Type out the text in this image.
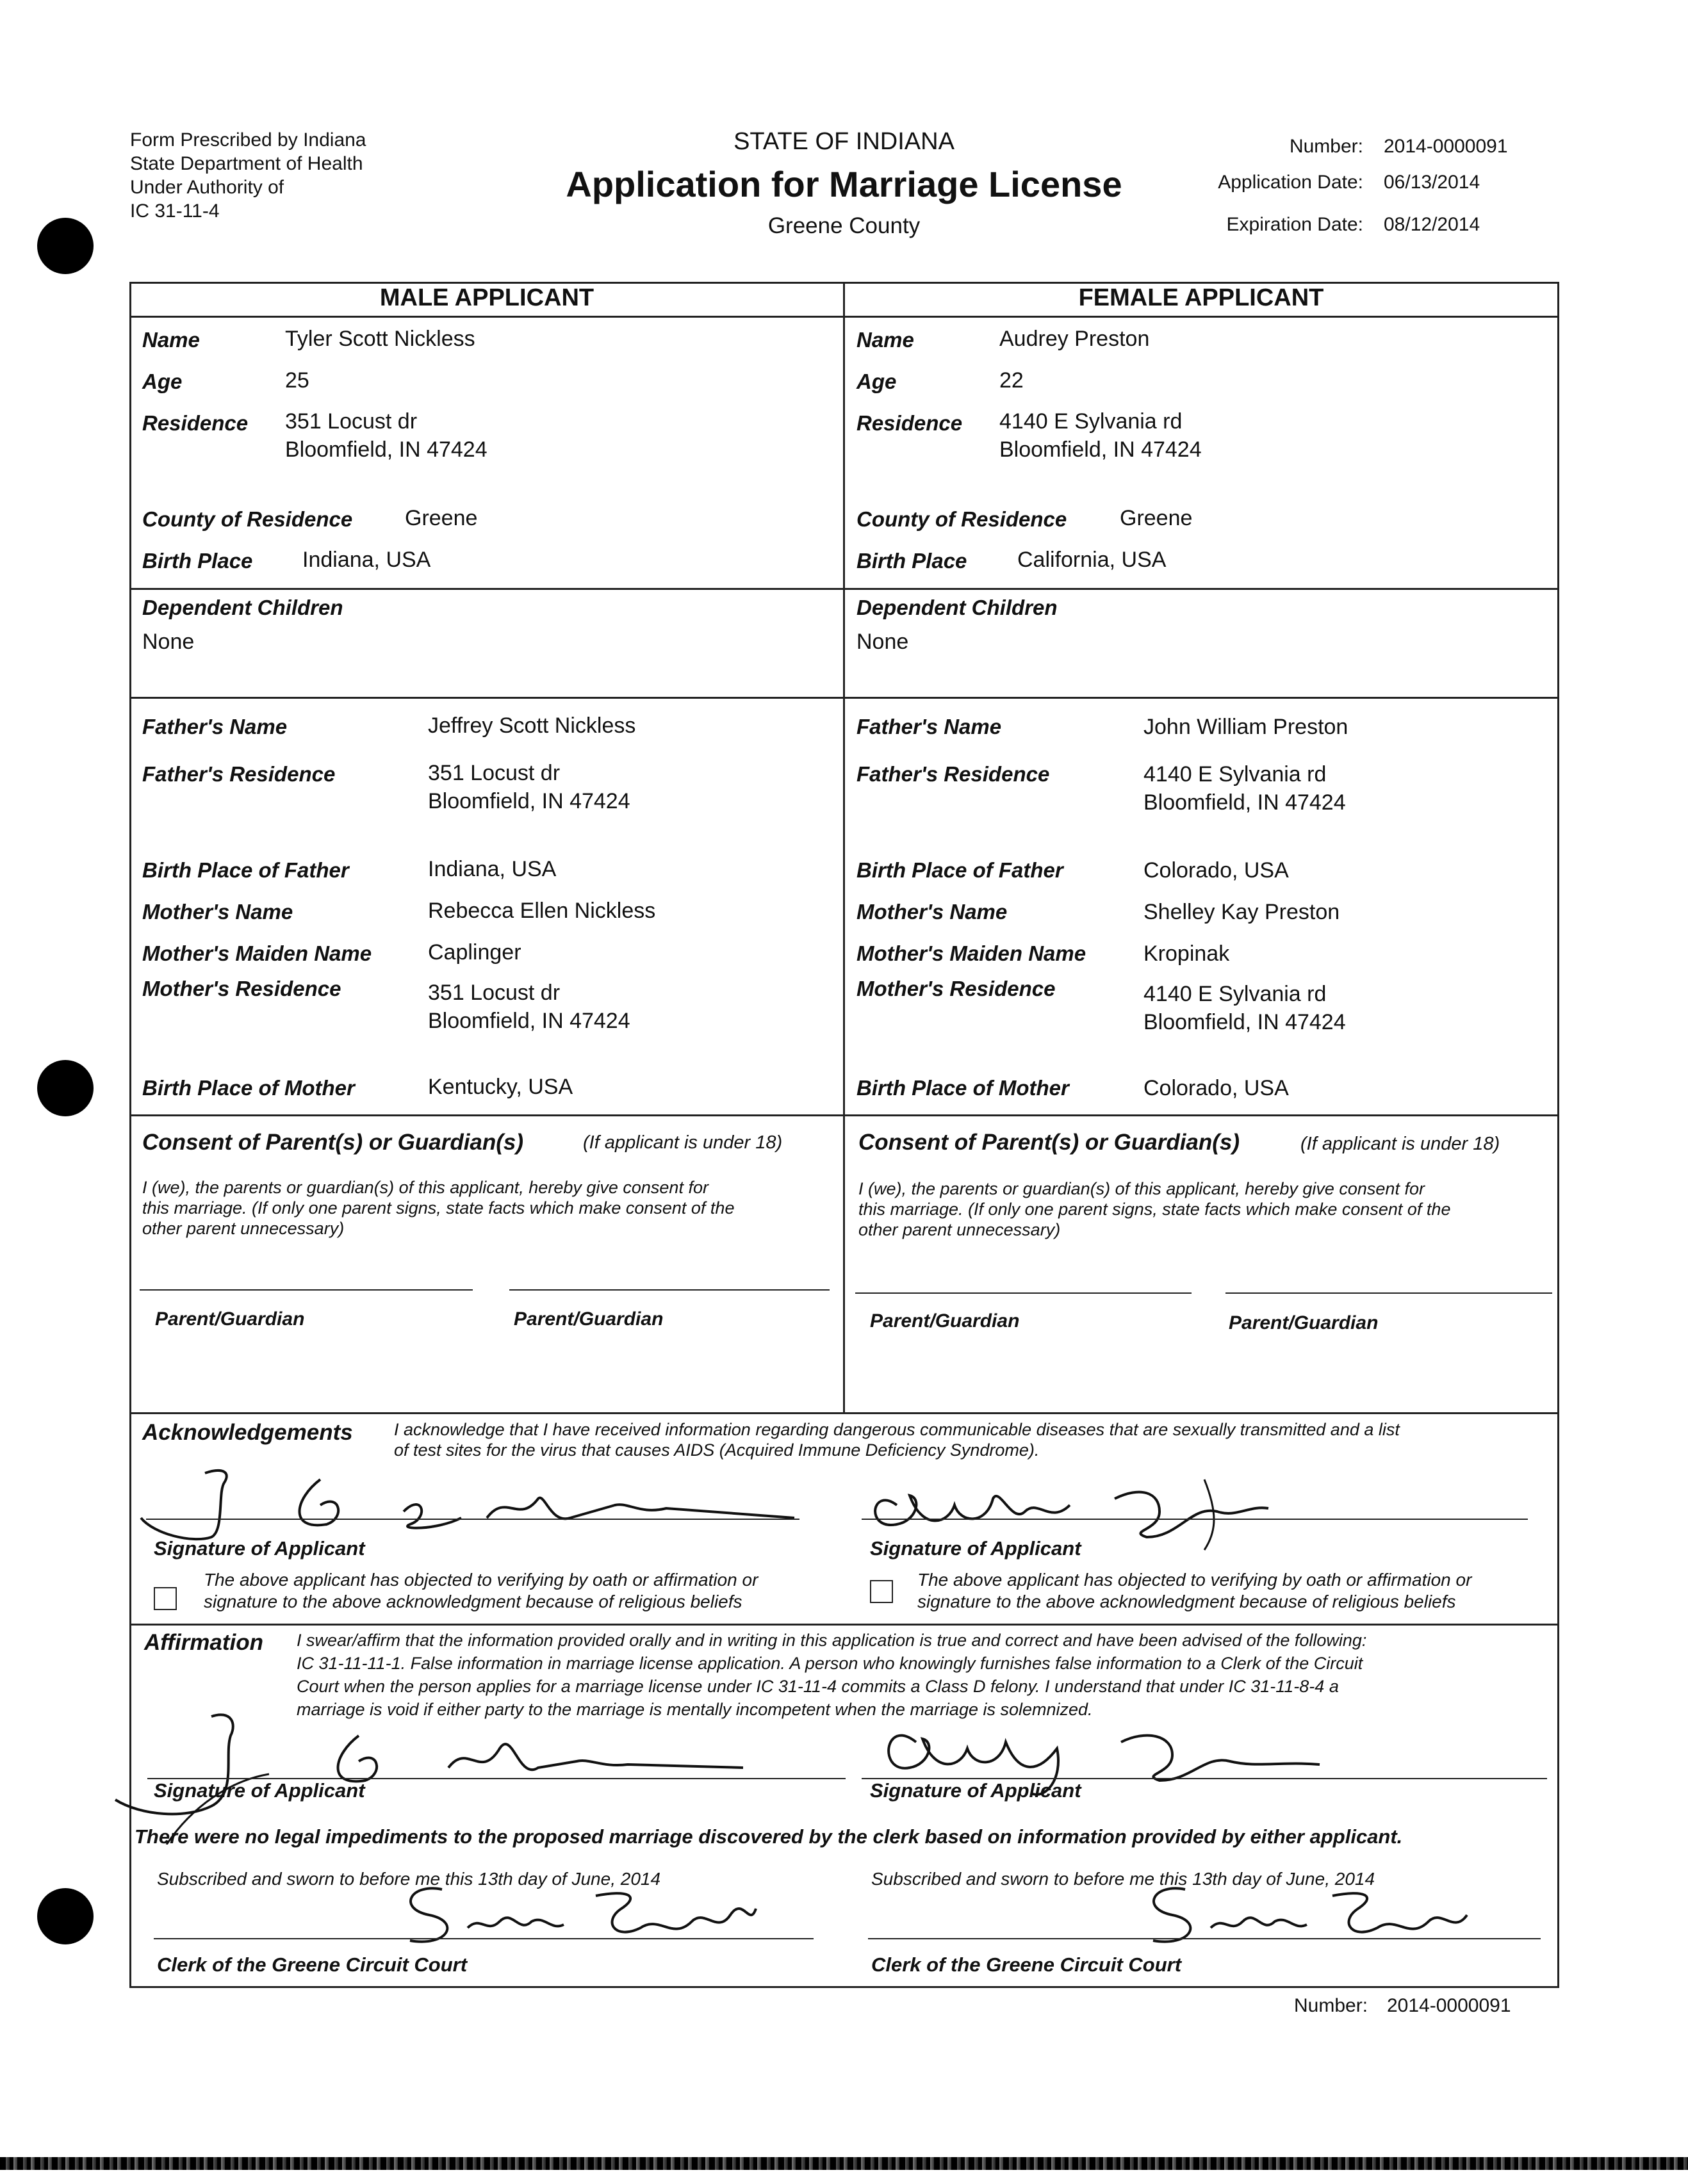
Form Prescribed by Indiana
State Department of Health
Under Authority of
IC 31-11-4
STATE OF INDIANA
Application for Marriage License
Greene County
Number: 2014-0000091
Application Date: 06/13/2014
Expiration Date: 08/12/2014
MALE APPLICANT	FEMALE APPLICANT
Name	Tyler Scott Nickless
Age	25
Residence 351 Locust dr
Bloomfield, IN 47424
County of Residence Greene
Birth Place Indiana, USA
Name	Audrey Preston
Age	22
Residence 4140 E Sylvania rd
Bloomfield, IN 47424
County of Residence Greene
Birth Place California, USA
Dependent Children
None
Dependent Children
None
Father's Name	Jeffrey Scott Nickless
Father's Residence	351 Locust dr
Bloomfield, IN 47424
Birth Place of Father	Indiana, USA
Mother's Name	Rebecca Ellen Nickless
Mother's Maiden Name	Caplinger
Mother's Residence	351 Locust dr
Bloomfield, IN 47424
Birth Place of Mother	Kentucky, USA
Father's Name	John William Preston
Father's Residence	4140 E Sylvania rd
Bloomfield, IN 47424
Birth Place of Father	Colorado, USA
Mother's Name	Shelley Kay Preston
Mother's Maiden Name	Kropinak
Mother's Residence	4140 E Sylvania rd
Bloomfield, IN 47424
Birth Place of Mother	Colorado, USA
Consent of Parent(s) or Guardian(s)	(If applicant is under 18)
I (we), the parents or guardian(s) of this applicant, hereby give consent for
this marriage. (If only one parent signs, state facts which make consent of the
other parent unnecessary)
Parent/Guardian	Parent/Guardian
Consent of Parent(s) or Guardian(s)	(If applicant is under 18)
I (we), the parents or guardian(s) of this applicant, hereby give consent for
this marriage. (If only one parent signs, state facts which make consent of the
other parent unnecessary)
Parent/Guardian	Parent/Guardian
Acknowledgements I acknowledge that I have received information regarding dangerous communicable diseases that are sexually transmitted and a list
of test sites for the virus that causes AIDS (Acquired Immune Deficiency Syndrome).
Signature of Applicant	Signature of Applicant
The above applicant has objected to verifying by oath or affirmation or
signature to the above acknowledgment because of religious beliefs
The above applicant has objected to verifying by oath or affirmation or
signature to the above acknowledgment because of religious beliefs
Affirmation I swear/affirm that the information provided orally and in writing in this application is true and correct and have been advised of the following:
IC 31-11-11-1. False information in marriage license application. A person who knowingly furnishes false information to a Clerk of the Circuit
Court when the person applies for a marriage license under IC 31-11-4 commits a Class D felony. I understand that under IC 31-11-8-4 a
marriage is void if either party to the marriage is mentally incompetent when the marriage is solemnized.
Signature of Applicant	Signature of Applicant
There were no legal impediments to the proposed marriage discovered by the clerk based on information provided by either applicant.
Subscribed and sworn to before me this 13th day of June, 2014	Subscribed and sworn to before me this 13th day of June, 2014
Clerk of the Greene Circuit Court	Clerk of the Greene Circuit Court
Number: 2014-0000091
